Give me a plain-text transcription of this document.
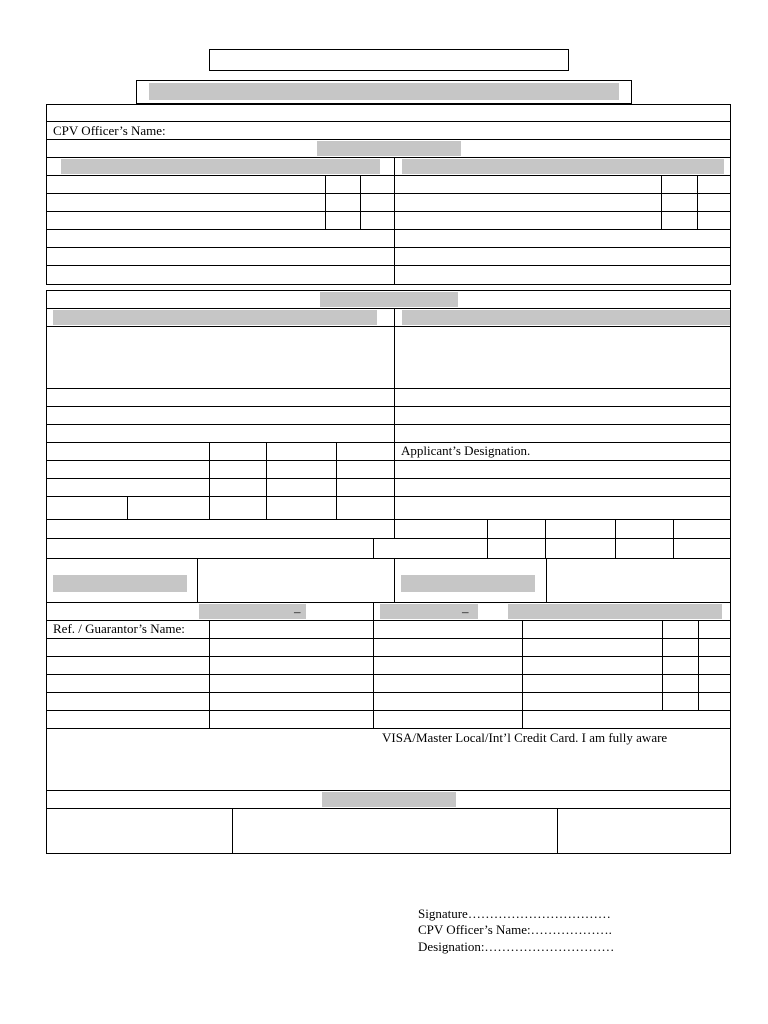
CPV Officer’s Name:
Applicant’s Designation.
–	–
Ref. / Guarantor’s Name:
VISA/Master Local/Int’l Credit Card. I am fully aware
Signature……………………………
CPV Officer’s Name:……………….
Designation:…………………………
